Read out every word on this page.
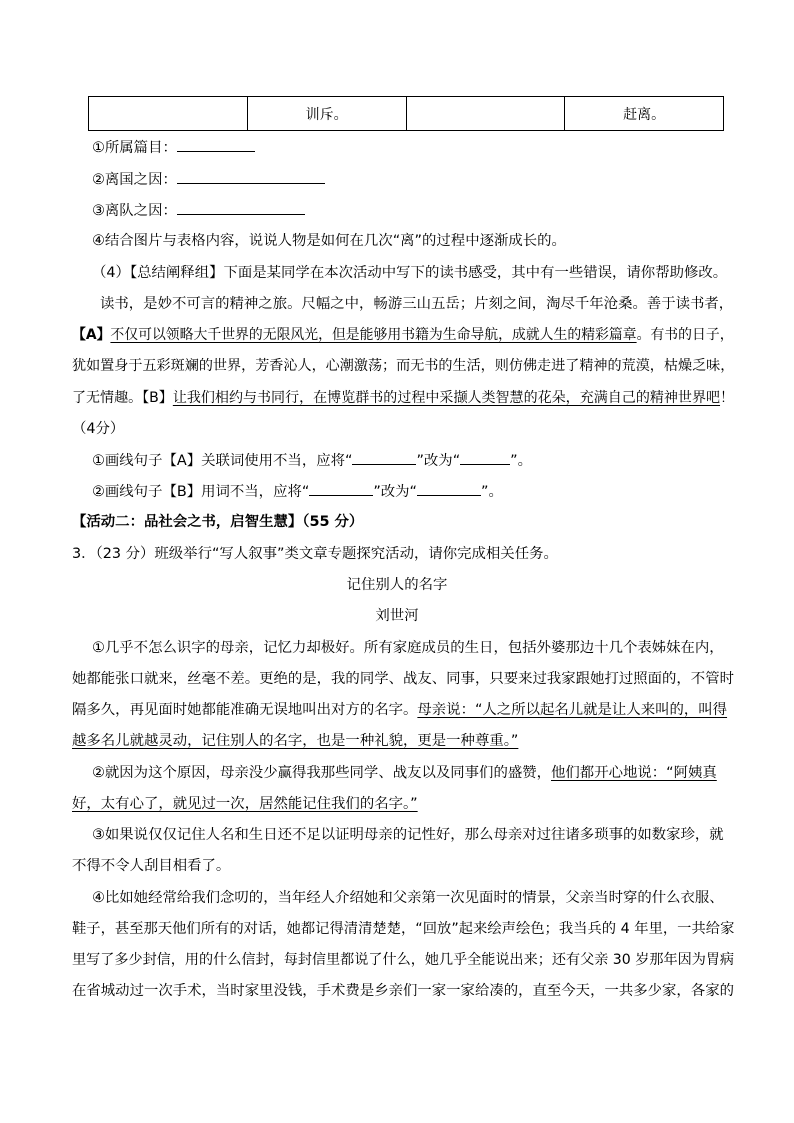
	训斥。		赶离。
①所属篇目：
②离国之因：
③离队之因：
④结合图片与表格内容，说说人物是如何在几次“离”的过程中逐渐成长的。
（4）【总结阐释组】下面是某同学在本次活动中写下的读书感受，其中有一些错误，请你帮助修改。
读书，是妙不可言的精神之旅。尺幅之中，畅游三山五岳；片刻之间，淘尽千年沧桑。善于读书者，
【A】不仅可以领略大千世界的无限风光，但是能够用书籍为生命导航，成就人生的精彩篇章。有书的日子，
犹如置身于五彩斑斓的世界，芳香沁人，心潮激荡；而无书的生活，则仿佛走进了精神的荒漠，枯燥乏味，
了无情趣。【B】让我们相约与书同行，在博览群书的过程中采撷人类智慧的花朵，充满自己的精神世界吧！
（4分）
①画线句子【A】关联词使用不当，应将“	”改为“	”。
②画线句子【B】用词不当，应将“	”改为“	”。
【活动二：品社会之书，启智生慧】（55 分）
3．（23 分）班级举行“写人叙事”类文章专题探究活动，请你完成相关任务。
记住别人的名字
刘世河
①几乎不怎么识字的母亲，记忆力却极好。所有家庭成员的生日，包括外婆那边十几个表姊妹在内，
她都能张口就来，丝毫不差。更绝的是，我的同学、战友、同事，只要来过我家跟她打过照面的，不管时
隔多久，再见面时她都能准确无误地叫出对方的名字。母亲说：“人之所以起名儿就是让人来叫的，叫得
越多名儿就越灵动，记住别人的名字，也是一种礼貌，更是一种尊重。”
②就因为这个原因，母亲没少赢得我那些同学、战友以及同事们的盛赞，他们都开心地说：“阿姨真
好，太有心了，就见过一次，居然能记住我们的名字。”
③如果说仅仅记住人名和生日还不足以证明母亲的记性好，那么母亲对过往诸多琐事的如数家珍，就
不得不令人刮目相看了。
④比如她经常给我们念叨的，当年经人介绍她和父亲第一次见面时的情景，父亲当时穿的什么衣服、
鞋子，甚至那天他们所有的对话，她都记得清清楚楚，“回放”起来绘声绘色；我当兵的 4 年里，一共给家
里写了多少封信，用的什么信封，每封信里都说了什么，她几乎全能说出来；还有父亲 30 岁那年因为胃病
在省城动过一次手术，当时家里没钱，手术费是乡亲们一家一家给凑的，直至今天，一共多少家，各家的
